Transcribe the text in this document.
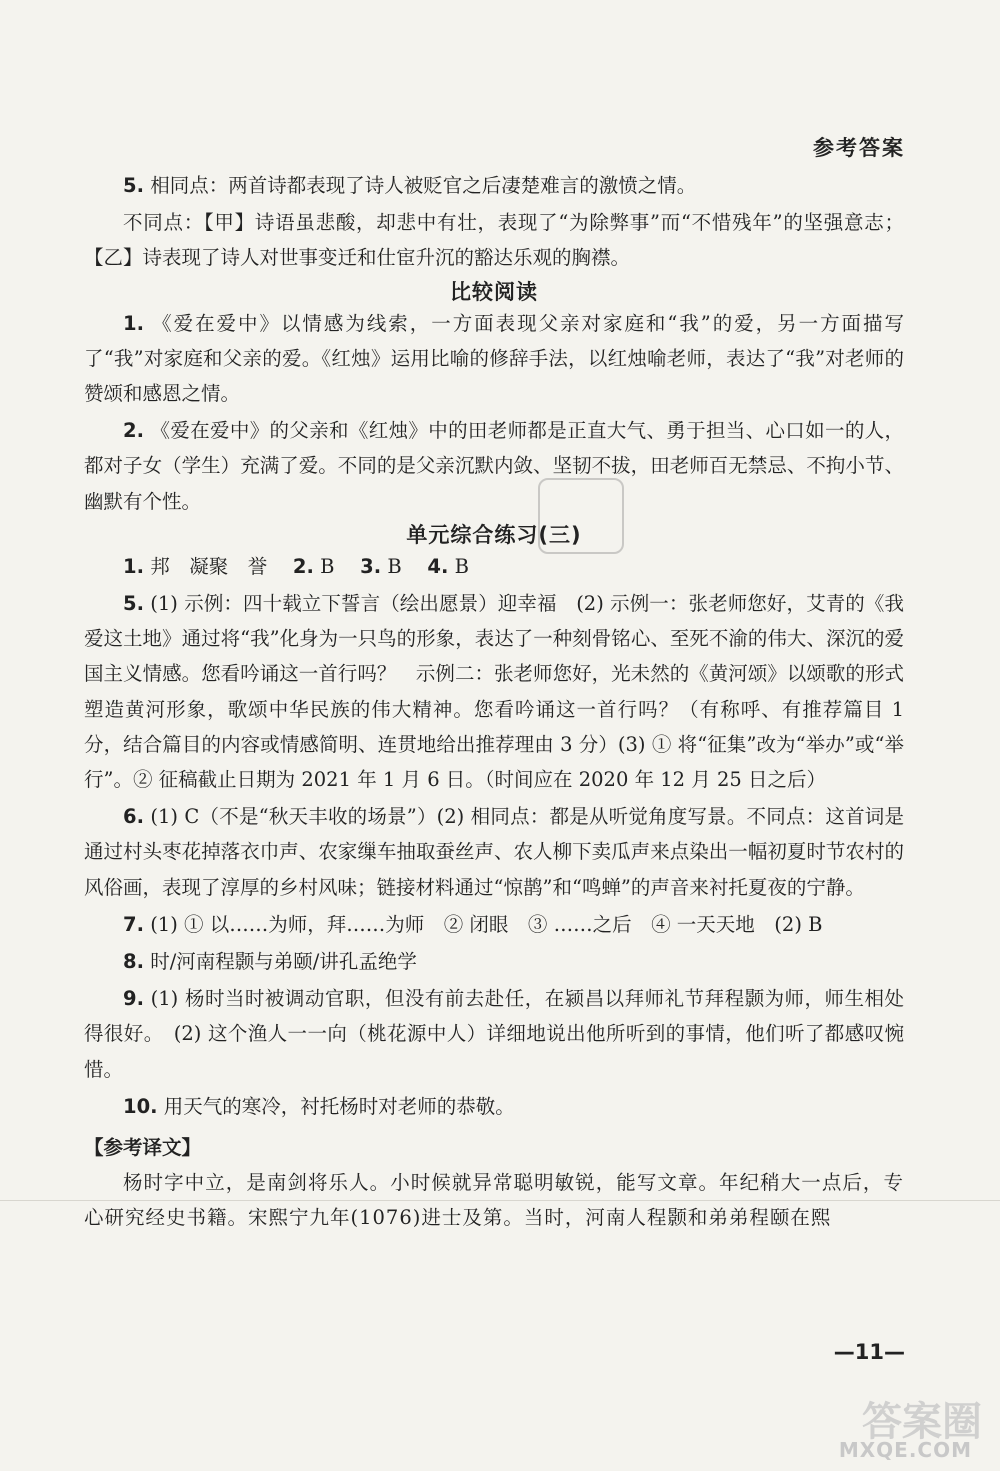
参考答案

5. 相同点：两首诗都表现了诗人被贬官之后凄楚难言的激愤之情。

不同点：【甲】诗语虽悲酸，却悲中有壮，表现了“为除弊事”而“不惜残年”的坚强意志；【乙】诗表现了诗人对世事变迁和仕宦升沉的豁达乐观的胸襟。

比较阅读

1. 《爱在爱中》以情感为线索，一方面表现父亲对家庭和“我”的爱，另一方面描写了“我”对家庭和父亲的爱。《红烛》运用比喻的修辞手法，以红烛喻老师，表达了“我”对老师的赞颂和感恩之情。

2. 《爱在爱中》的父亲和《红烛》中的田老师都是正直大气、勇于担当、心口如一的人，都对子女（学生）充满了爱。不同的是父亲沉默内敛、坚韧不拔，田老师百无禁忌、不拘小节、幽默有个性。

单元综合练习(三)

1. 邦　凝聚　誉　 2. B　 3. B　 4. B

5. (1) 示例：四十载立下誓言（绘出愿景）迎幸福　(2) 示例一：张老师您好，艾青的《我爱这土地》通过将“我”化身为一只鸟的形象，表达了一种刻骨铭心、至死不渝的伟大、深沉的爱国主义情感。您看吟诵这一首行吗？　示例二：张老师您好，光未然的《黄河颂》以颂歌的形式塑造黄河形象，歌颂中华民族的伟大精神。您看吟诵这一首行吗？（有称呼、有推荐篇目 1 分，结合篇目的内容或情感简明、连贯地给出推荐理由 3 分）(3) ① 将“征集”改为“举办”或“举行”。② 征稿截止日期为 2021 年 1 月 6 日。（时间应在 2020 年 12 月 25 日之后）

6. (1) C（不是“秋天丰收的场景”）(2) 相同点：都是从听觉角度写景。不同点：这首词是通过村头枣花掉落衣巾声、农家缫车抽取蚕丝声、农人柳下卖瓜声来点染出一幅初夏时节农村的风俗画，表现了淳厚的乡村风味；链接材料通过“惊鹊”和“鸣蝉”的声音来衬托夏夜的宁静。

7. (1) ① 以……为师，拜……为师　② 闭眼　③ ……之后　④ 一天天地　(2) B

8. 时/河南程颢与弟颐/讲孔孟绝学

9. (1) 杨时当时被调动官职，但没有前去赴任，在颍昌以拜师礼节拜程颢为师，师生相处得很好。　(2) 这个渔人一一向（桃花源中人）详细地说出他所听到的事情，他们听了都感叹惋惜。

10. 用天气的寒冷，衬托杨时对老师的恭敬。

【参考译文】

杨时字中立，是南剑将乐人。小时候就异常聪明敏锐，能写文章。年纪稍大一点后，专心研究经史书籍。宋熙宁九年(1076)进士及第。当时，河南人程颢和弟弟程颐在熙

—11—
答案圈
MXQE.COM
